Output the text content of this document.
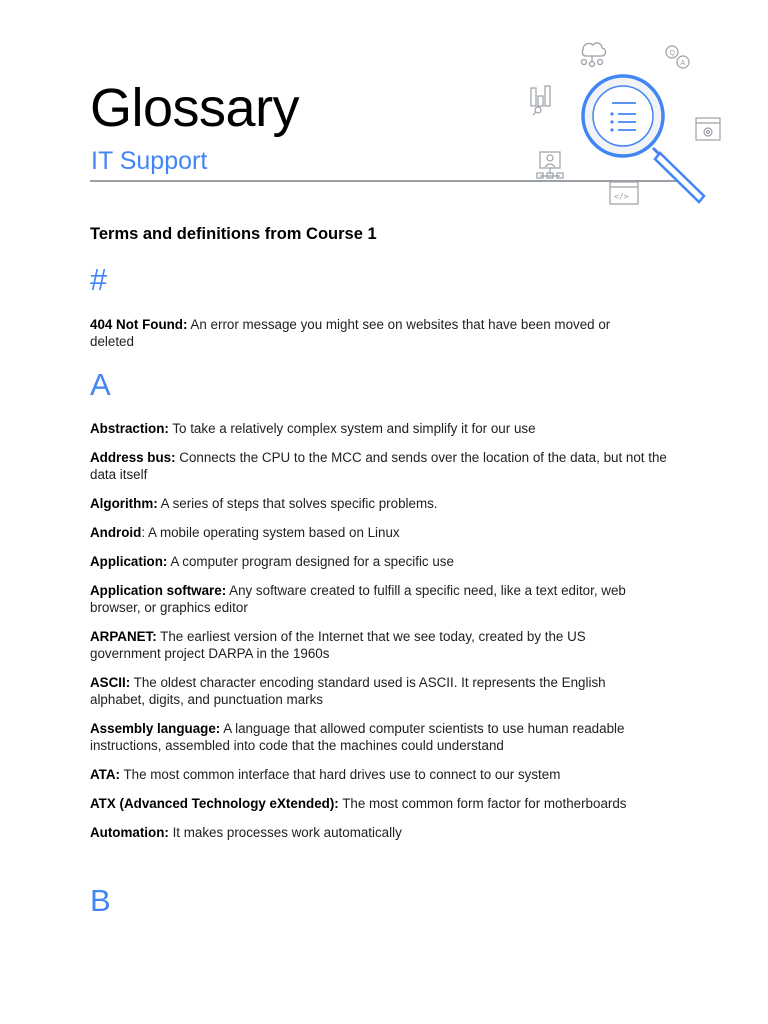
Glossary
IT Support
Q
A
</>
Terms and definitions from Course 1
#

404 Not Found: An error message you might see on websites that have been moved or deleted

A

Abstraction: To take a relatively complex system and simplify it for our use

Address bus: Connects the CPU to the MCC and sends over the location of the data, but not the data itself

Algorithm: A series of steps that solves specific problems.

Android: A mobile operating system based on Linux

Application: A computer program designed for a specific use

Application software: Any software created to fulfill a specific need, like a text editor, web browser, or graphics editor

ARPANET: The earliest version of the Internet that we see today, created by the US government project DARPA in the 1960s

ASCII: The oldest character encoding standard used is ASCII. It represents the English alphabet, digits, and punctuation marks

Assembly language: A language that allowed computer scientists to use human readable instructions, assembled into code that the machines could understand

ATA: The most common interface that hard drives use to connect to our system

ATX (Advanced Technology eXtended): The most common form factor for motherboards

Automation: It makes processes work automatically

B
